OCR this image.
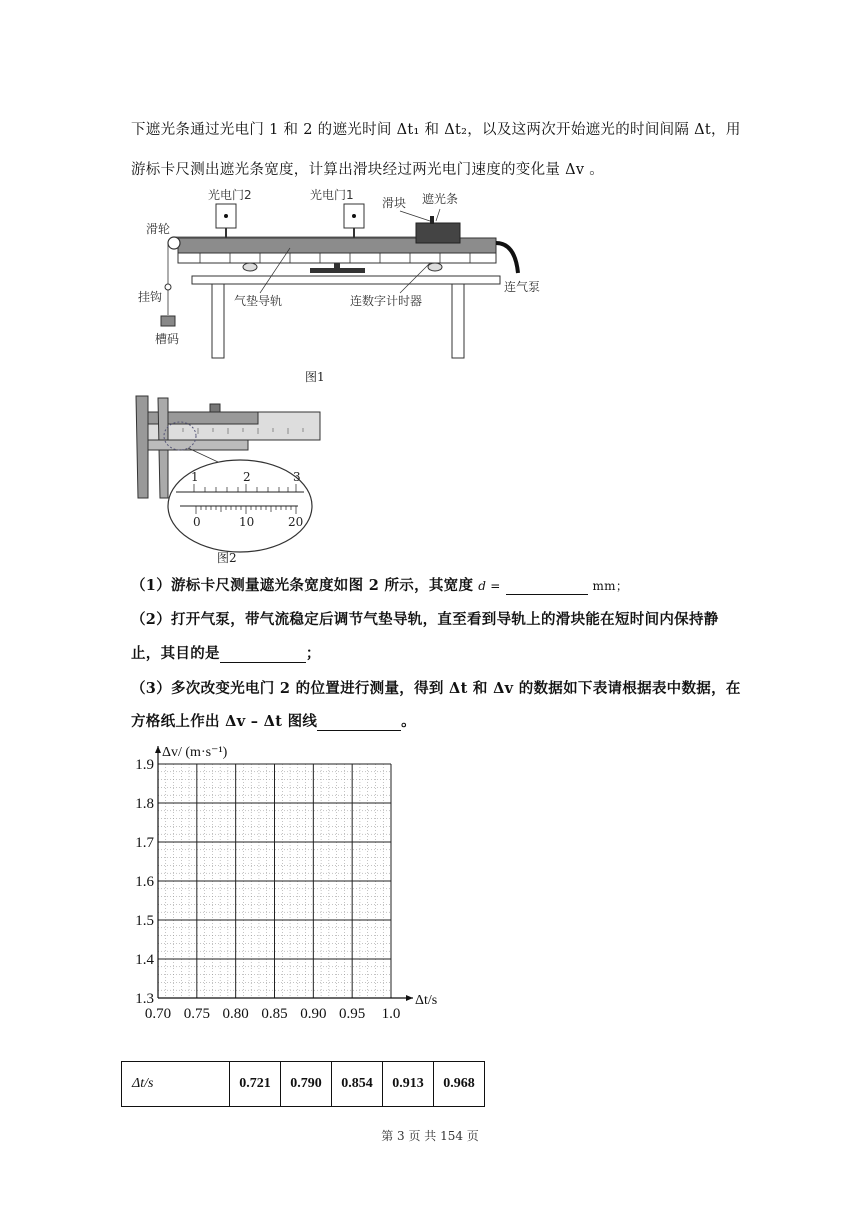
下遮光条通过光电门 1 和 2 的遮光时间 Δt₁ 和 Δt₂，以及这两次开始遮光的时间间隔 Δt，用
游标卡尺测出遮光条宽度，计算出滑块经过两光电门速度的变化量 Δv 。
光电门2	光电门1
滑块 遮光条
滑轮
挂钩
槽码
气垫导轨	连数字计时器
连气泵
图1
1	2	3
0	10	20
图2
（1）游标卡尺测量遮光条宽度如图 2 所示，其宽度 d =	mm；
（2）打开气泵，带气流稳定后调节气垫导轨，直至看到导轨上的滑块能在短时间内保持静
止，其目的是	；
（3）多次改变光电门 2 的位置进行测量，得到 Δt 和 Δv 的数据如下表请根据表中数据，在
方格纸上作出 Δv – Δt 图线	。
0.70 0.75 0.80 0.85 0.90 0.95 1.0
1.3
1.4
1.5
1.6
1.7
1.8
1.9
Δv/ (m·s⁻¹)
Δt/s
Δt/s	0.721	0.790	0.854	0.913	0.968
第 3 页 共 154 页
